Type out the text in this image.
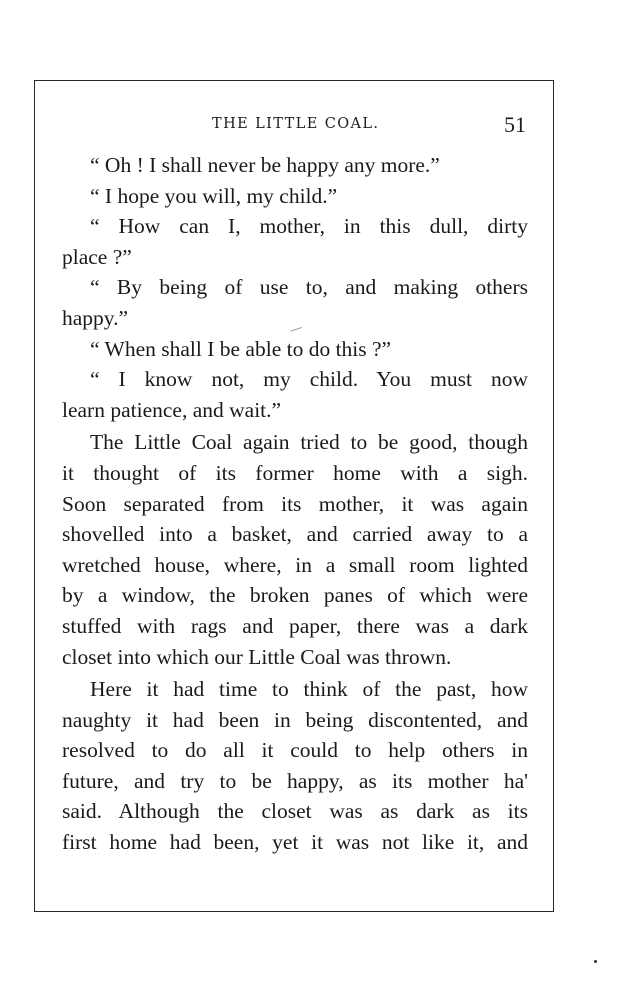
THE LITTLE COAL.	51
“ Oh ! I shall never be happy any more.”
“ I hope you will, my child.”
“ How can I, mother, in this dull, dirty
place ?”
“ By being of use to, and making others
happy.”
“ When shall I be able to do this ?”
“ I know not, my child. You must now
learn patience, and wait.”
The Little Coal again tried to be good, though
it thought of its former home with a sigh.
Soon separated from its mother, it was again
shovelled into a basket, and carried away to a
wretched house, where, in a small room lighted
by a window, the broken panes of which were
stuffed with rags and paper, there was a dark
closet into which our Little Coal was thrown.
Here it had time to think of the past, how
naughty it had been in being discontented, and
resolved to do all it could to help others in
future, and try to be happy, as its mother ha'
said. Although the closet was as dark as its
first home had been, yet it was not like it, and
